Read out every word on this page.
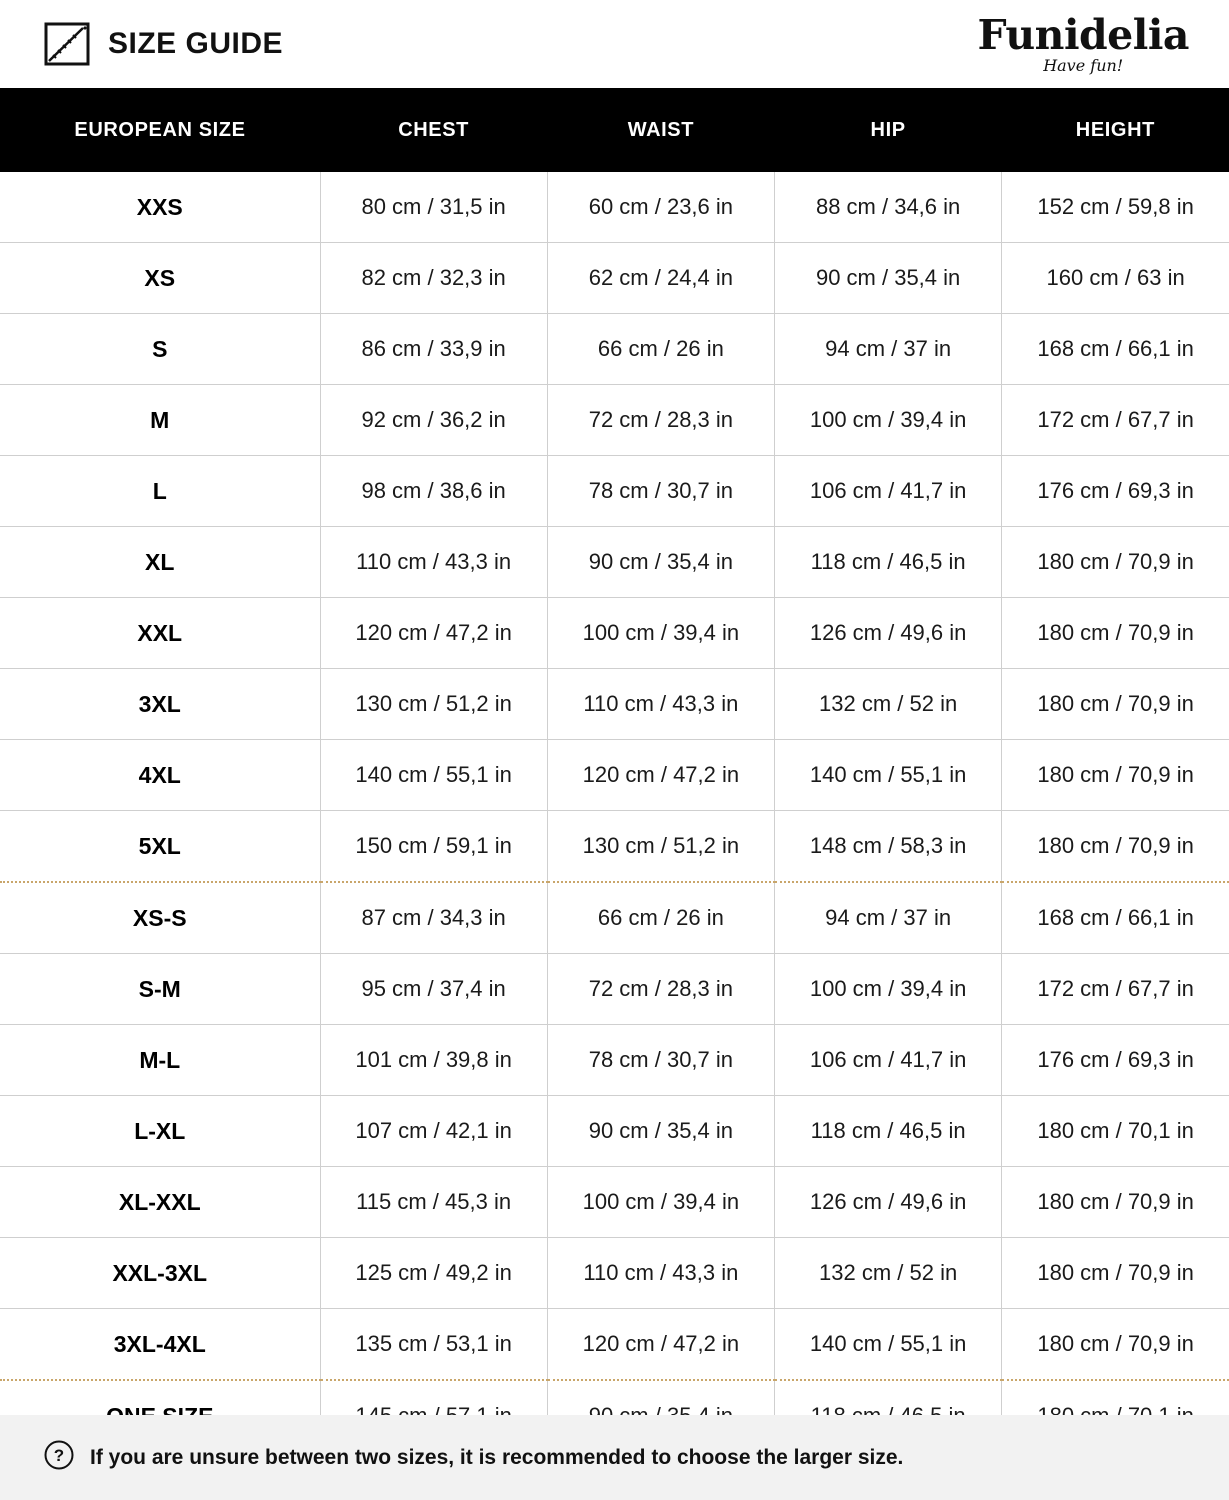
SIZE GUIDE	Funidelia
Have fun!
EUROPEAN SIZE	CHEST	WAIST	HIP	HEIGHT
XXS	80 cm / 31,5 in	60 cm / 23,6 in	88 cm / 34,6 in	152 cm / 59,8 in
XS	82 cm / 32,3 in	62 cm / 24,4 in	90 cm / 35,4 in	160 cm / 63 in
S	86 cm / 33,9 in	66 cm / 26 in	94 cm / 37 in	168 cm / 66,1 in
M	92 cm / 36,2 in	72 cm / 28,3 in	100 cm / 39,4 in	172 cm / 67,7 in
L	98 cm / 38,6 in	78 cm / 30,7 in	106 cm / 41,7 in	176 cm / 69,3 in
XL	110 cm / 43,3 in	90 cm / 35,4 in	118 cm / 46,5 in	180 cm / 70,9 in
XXL	120 cm / 47,2 in	100 cm / 39,4 in	126 cm / 49,6 in	180 cm / 70,9 in
3XL	130 cm / 51,2 in	110 cm / 43,3 in	132 cm / 52 in	180 cm / 70,9 in
4XL	140 cm / 55,1 in	120 cm / 47,2 in	140 cm / 55,1 in	180 cm / 70,9 in
5XL	150 cm / 59,1 in	130 cm / 51,2 in	148 cm / 58,3 in	180 cm / 70,9 in
XS-S	87 cm / 34,3 in	66 cm / 26 in	94 cm / 37 in	168 cm / 66,1 in
S-M	95 cm / 37,4 in	72 cm / 28,3 in	100 cm / 39,4 in	172 cm / 67,7 in
M-L	101 cm / 39,8 in	78 cm / 30,7 in	106 cm / 41,7 in	176 cm / 69,3 in
L-XL	107 cm / 42,1 in	90 cm / 35,4 in	118 cm / 46,5 in	180 cm / 70,1 in
XL-XXL	115 cm / 45,3 in	100 cm / 39,4 in	126 cm / 49,6 in	180 cm / 70,9 in
XXL-3XL	125 cm / 49,2 in	110 cm / 43,3 in	132 cm / 52 in	180 cm / 70,9 in
3XL-4XL	135 cm / 53,1 in	120 cm / 47,2 in	140 cm / 55,1 in	180 cm / 70,9 in

? If you are unsure between two sizes, it is recommended to choose the larger size.
